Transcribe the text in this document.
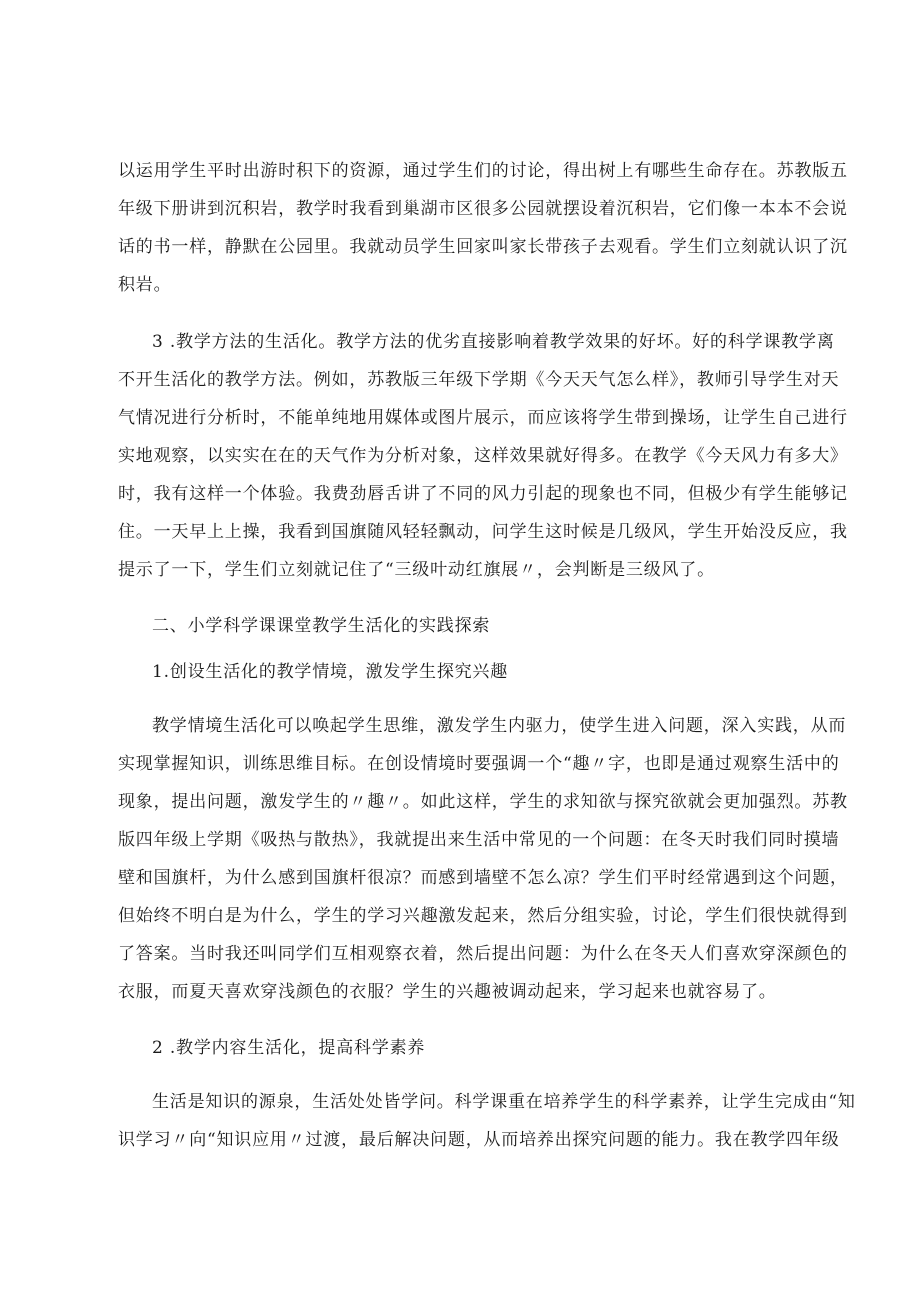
以运用学生平时出游时积下的资源，通过学生们的讨论，得出树上有哪些生命存在。苏教版五
年级下册讲到沉积岩，教学时我看到巢湖市区很多公园就摆设着沉积岩，它们像一本本不会说
话的书一样，静默在公园里。我就动员学生回家叫家长带孩子去观看。学生们立刻就认识了沉
积岩。
3 .教学方法的生活化。教学方法的优劣直接影响着教学效果的好坏。好的科学课教学离
不开生活化的教学方法。例如，苏教版三年级下学期《今天天气怎么样》，教师引导学生对天
气情况进行分析时，不能单纯地用媒体或图片展示，而应该将学生带到操场，让学生自己进行
实地观察，以实实在在的天气作为分析对象，这样效果就好得多。在教学《今天风力有多大》
时，我有这样一个体验。我费劲唇舌讲了不同的风力引起的现象也不同，但极少有学生能够记
住。一天早上上操，我看到国旗随风轻轻飘动，问学生这时候是几级风，学生开始没反应，我
提示了一下，学生们立刻就记住了“三级叶动红旗展〃，会判断是三级风了。
二、小学科学课课堂教学生活化的实践探索
1.创设生活化的教学情境，激发学生探究兴趣
教学情境生活化可以唤起学生思维，激发学生内驱力，使学生进入问题，深入实践，从而
实现掌握知识，训练思维目标。在创设情境时要强调一个“趣〃字，也即是通过观察生活中的
现象，提出问题，激发学生的〃趣〃。如此这样，学生的求知欲与探究欲就会更加强烈。苏教
版四年级上学期《吸热与散热》，我就提出来生活中常见的一个问题：在冬天时我们同时摸墙
壁和国旗杆，为什么感到国旗杆很凉？而感到墙壁不怎么凉？学生们平时经常遇到这个问题，
但始终不明白是为什么，学生的学习兴趣激发起来，然后分组实验，讨论，学生们很快就得到
了答案。当时我还叫同学们互相观察衣着，然后提出问题：为什么在冬天人们喜欢穿深颜色的
衣服，而夏天喜欢穿浅颜色的衣服？学生的兴趣被调动起来，学习起来也就容易了。
2 .教学内容生活化，提高科学素养
生活是知识的源泉，生活处处皆学问。科学课重在培养学生的科学素养，让学生完成由“知
识学习〃向“知识应用〃过渡，最后解决问题，从而培养出探究问题的能力。我在教学四年级
